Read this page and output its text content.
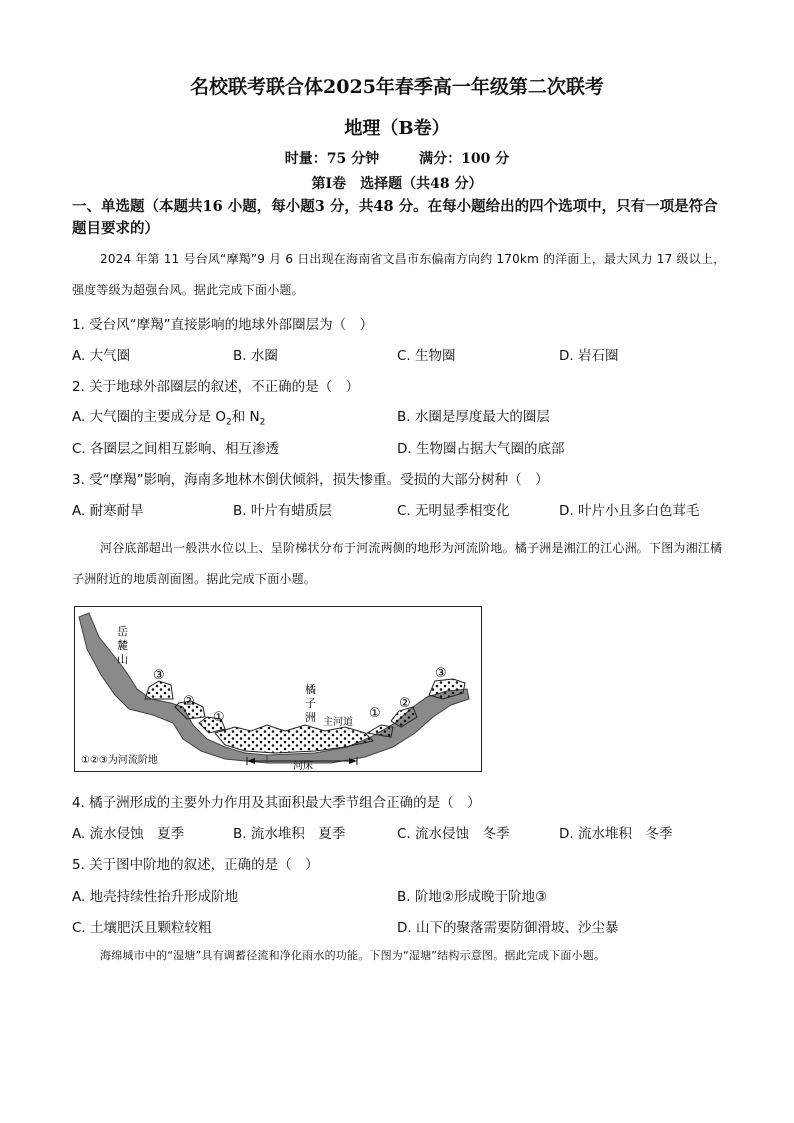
名校联考联合体2025年春季高一年级第二次联考
地理（B卷）
时量：75 分钟	满分：100 分
第Ⅰ卷　选择题（共48 分）
一、单选题（本题共16 小题，每小题3 分，共48 分。在每小题给出的四个选项中，只有一项是符合题目要求的）
2024 年第 11 号台风“摩羯”9 月 6 日出现在海南省文昌市东偏南方向约 170km 的洋面上，最大风力 17 级以上，强度等级为超强台风。据此完成下面小题。
1. 受台风“摩羯”直接影响的地球外部圈层为（　）
A. 大气圈	B. 水圈	C. 生物圈	D. 岩石圈
2. 关于地球外部圈层的叙述，不正确的是（　）
A. 大气圈的主要成分是 $O_2$和 $N_2$	B. 水圈是厚度最大的圈层
C. 各圈层之间相互影响、相互渗透	D. 生物圈占据大气圈的底部
3. 受“摩羯”影响，海南多地林木倒伏倾斜，损失惨重。受损的大部分树种（　）
A. 耐寒耐旱	B. 叶片有蜡质层	C. 无明显季相变化	D. 叶片小且多白色茸毛
河谷底部超出一般洪水位以上、呈阶梯状分布于河流两侧的地形为河流阶地。橘子洲是湘江的江心洲。下图为湘江橘子洲附近的地质剖面图。据此完成下面小题。
岳
麓
山
橘
子
洲 主河道
③
②
①	①
②
③
河床
①②③为河流阶地
4. 橘子洲形成的主要外力作用及其面积最大季节组合正确的是（　）
A. 流水侵蚀　夏季	B. 流水堆积　夏季	C. 流水侵蚀　冬季	D. 流水堆积　冬季
5. 关于图中阶地的叙述，正确的是（　）
A. 地壳持续性抬升形成阶地	B. 阶地②形成晚于阶地③
C. 土壤肥沃且颗粒较粗	D. 山下的聚落需要防御滑坡、沙尘暴
海绵城市中的“湿塘”具有调蓄径流和净化雨水的功能。下图为“湿塘”结构示意图。据此完成下面小题。
